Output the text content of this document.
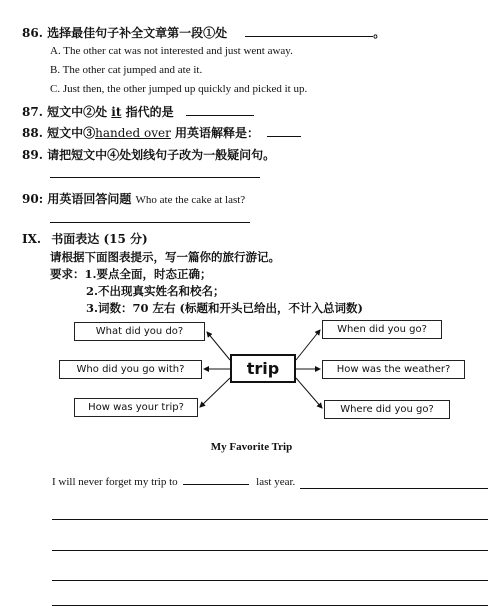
86. 选择最佳句子补全文章第一段①处	。
A. The other cat was not interested and just went away.
B. The other cat jumped and ate it.
C. Just then, the other jumped up quickly and picked it up.
87. 短文中②处 it 指代的是
88. 短文中③handed over 用英语解释是：
89. 请把短文中④处划线句子改为一般疑问句。
90: 用英语回答问题 Who ate the cake at last?
IX. 书面表达 (15 分)
请根据下面图表提示，写一篇你的旅行游记。
要求：1.要点全面，时态正确；
2.不出现真实姓名和校名；
3.词数：70 左右 (标题和开头已给出，不计入总词数)
What did you do?
Who did you go with?
How was your trip?
trip
When did you go?
How was the weather?
Where did you go?
My Favorite Trip
I will never forget my trip to	last year.
